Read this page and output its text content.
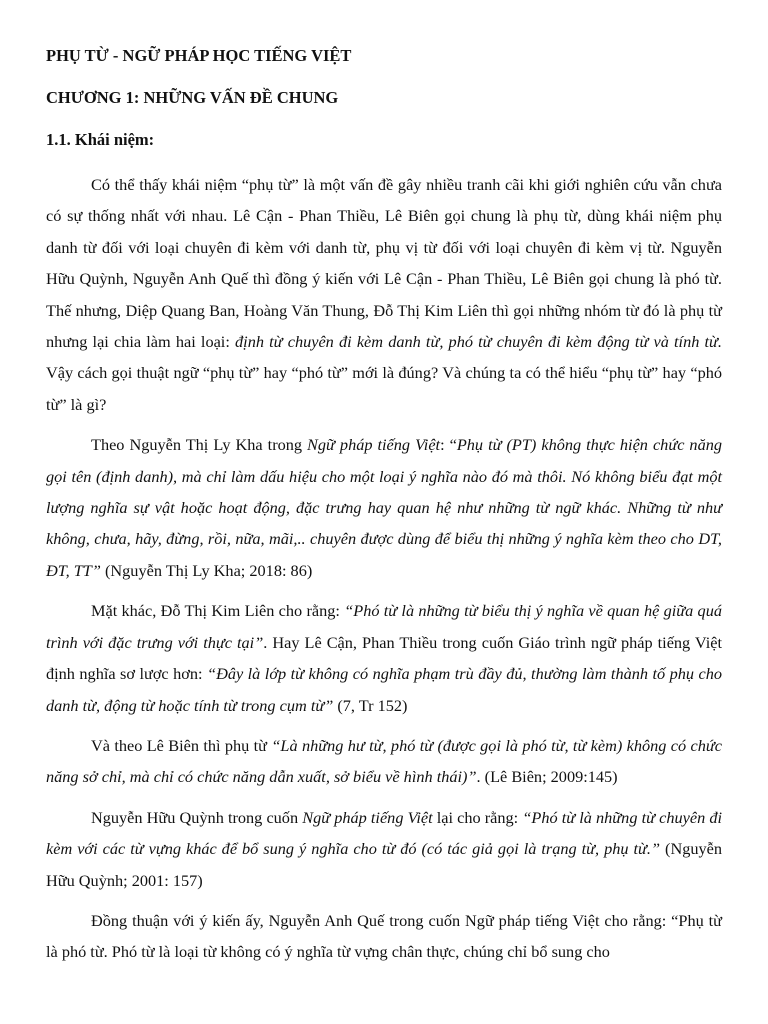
PHỤ TỪ - NGỮ PHÁP HỌC TIẾNG VIỆT
CHƯƠNG 1: NHỮNG VẤN ĐỀ CHUNG
1.1. Khái niệm:

Có thể thấy khái niệm “phụ từ” là một vấn đề gây nhiều tranh cãi khi giới nghiên cứu vẫn chưa có sự thống nhất với nhau. Lê Cận - Phan Thiều, Lê Biên gọi chung là phụ từ, dùng khái niệm phụ danh từ đối với loại chuyên đi kèm với danh từ, phụ vị từ đối với loại chuyên đi kèm vị từ. Nguyễn Hữu Quỳnh, Nguyễn Anh Quế thì đồng ý kiến với Lê Cận - Phan Thiều, Lê Biên gọi chung là phó từ. Thế nhưng, Diệp Quang Ban, Hoàng Văn Thung, Đỗ Thị Kim Liên thì gọi những nhóm từ đó là phụ từ nhưng lại chia làm hai loại: định từ chuyên đi kèm danh từ, phó từ chuyên đi kèm động từ và tính từ. Vậy cách gọi thuật ngữ “phụ từ” hay “phó từ” mới là đúng? Và chúng ta có thể hiểu “phụ từ” hay “phó từ” là gì?

Theo Nguyễn Thị Ly Kha trong Ngữ pháp tiếng Việt: “Phụ từ (PT) không thực hiện chức năng gọi tên (định danh), mà chỉ làm dấu hiệu cho một loại ý nghĩa nào đó mà thôi. Nó không biểu đạt một lượng nghĩa sự vật hoặc hoạt động, đặc trưng hay quan hệ như những từ ngữ khác. Những từ như không, chưa, hãy, đừng, rồi, nữa, mãi,.. chuyên được dùng để biểu thị những ý nghĩa kèm theo cho DT, ĐT, TT” (Nguyễn Thị Ly Kha; 2018: 86)

Mặt khác, Đỗ Thị Kim Liên cho rằng: “Phó từ là những từ biểu thị ý nghĩa về quan hệ giữa quá trình với đặc trưng với thực tại”. Hay Lê Cận, Phan Thiều trong cuốn Giáo trình ngữ pháp tiếng Việt định nghĩa sơ lược hơn: “Đây là lớp từ không có nghĩa phạm trù đầy đủ, thường làm thành tố phụ cho danh từ, động từ hoặc tính từ trong cụm từ” (7, Tr 152)

Và theo Lê Biên thì phụ từ “Là những hư từ, phó từ (được gọi là phó từ, từ kèm) không có chức năng sở chỉ, mà chỉ có chức năng dẫn xuất, sở biểu về hình thái)”. (Lê Biên; 2009:145)

Nguyễn Hữu Quỳnh trong cuốn Ngữ pháp tiếng Việt lại cho rằng: “Phó từ là những từ chuyên đi kèm với các từ vựng khác để bổ sung ý nghĩa cho từ đó (có tác giả gọi là trạng từ, phụ từ.” (Nguyễn Hữu Quỳnh; 2001: 157)

Đồng thuận với ý kiến ấy, Nguyễn Anh Quế trong cuốn Ngữ pháp tiếng Việt cho rằng: “Phụ từ là phó từ. Phó từ là loại từ không có ý nghĩa từ vựng chân thực, chúng chỉ bổ sung cho
